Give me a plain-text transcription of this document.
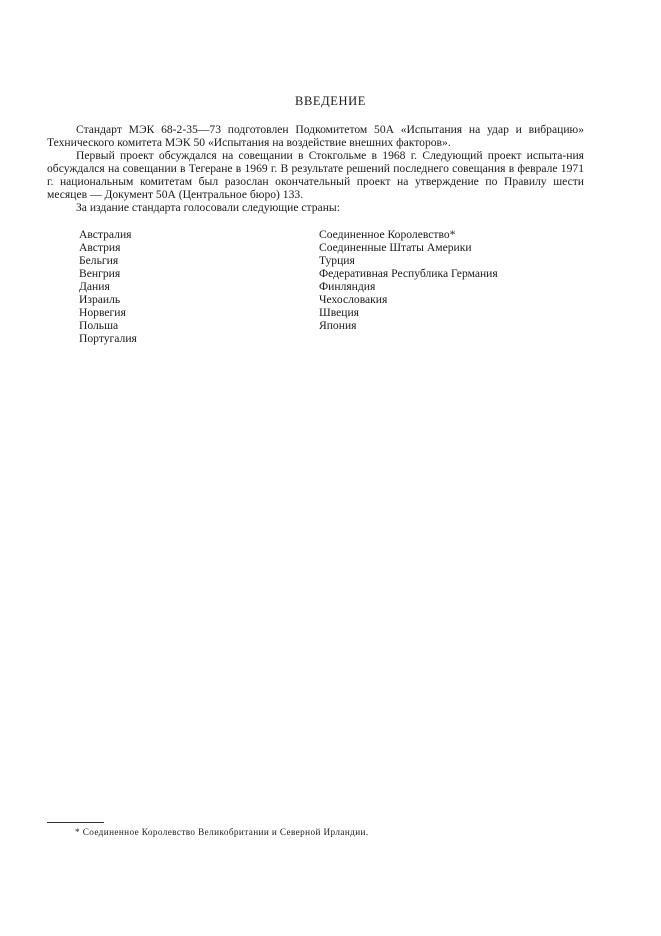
ВВЕДЕНИЕ

Стандарт МЭК 68-2-35—73 подготовлен Подкомитетом 50А «Испытания на удар и вибрацию» Технического комитета МЭК 50 «Испытания на воздействие внешних факторов».

Первый проект обсуждался на совещании в Стокгольме в 1968 г. Следующий проект испыта-ния обсуждался на совещании в Тегеране в 1969 г. В результате решений последнего совещания в феврале 1971 г. национальным комитетам был разослан окончательный проект на утверждение по Правилу шести месяцев — Документ 50А (Центральное бюро) 133.

За издание стандарта голосовали следующие страны:

Австралия
Австрия
Бельгия
Венгрия
Дания
Израиль
Норвегия
Польша
Португалия
Соединенное Королевство*
Соединенные Штаты Америки
Турция
Федеративная Республика Германия
Финляндия
Чехословакия
Швеция
Япония
* Соединенное Королевство Великобритании и Северной Ирландии.
